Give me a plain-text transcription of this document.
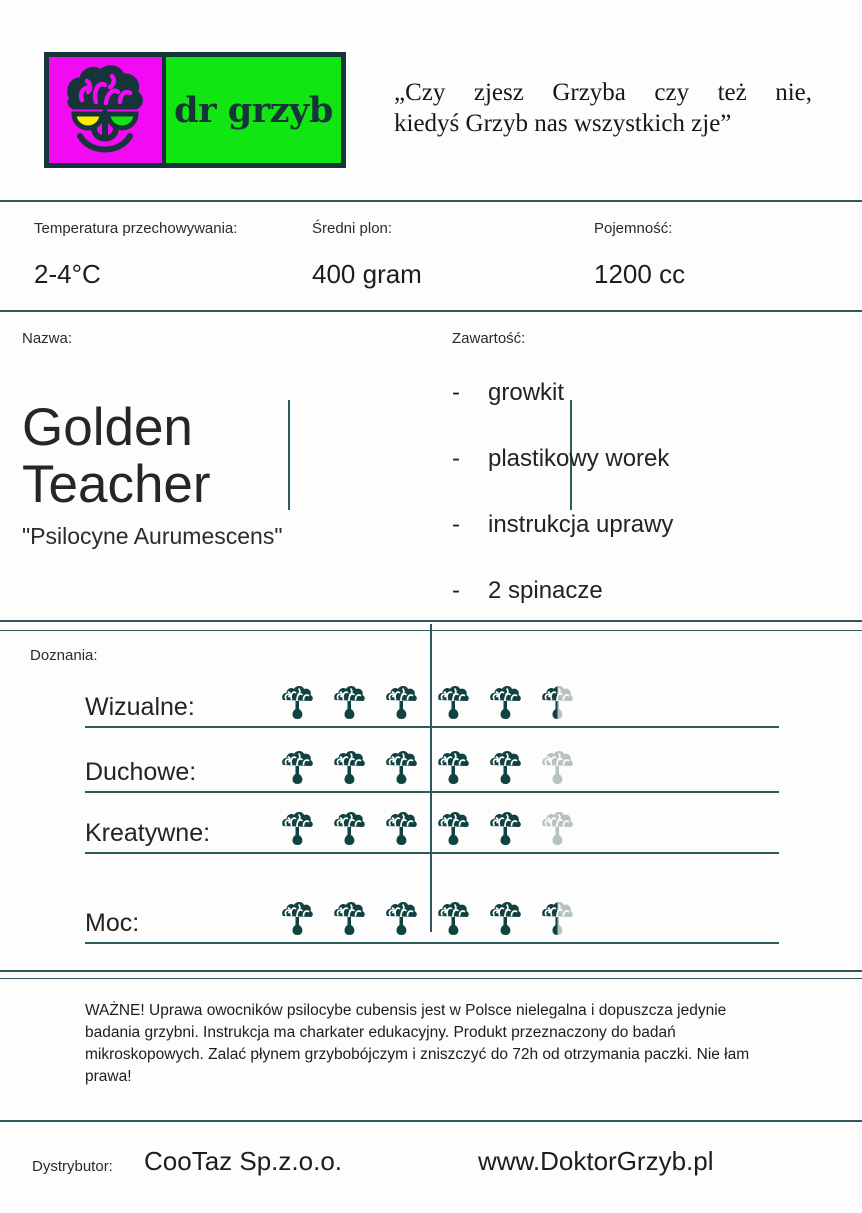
dr grzyb „Czy zjesz Grzyba czy też nie,
kiedyś Grzyb nas wszystkich zje”
Temperatura przechowywania:
2-4°C
Średni plon:
400 gram
Pojemność:
1200 cc
Nazwa:
Golden
Teacher
"Psilocyne Aurumescens"
Zawartość:
-	growkit
-	plastikowy worek
-	instrukcja uprawy
-	2 spinacze
Doznania:
Wizualne:
Duchowe:
Kreatywne:
Moc:
WAŻNE! Uprawa owocników psilocybe cubensis jest w Polsce nielegalna i dopuszcza jedynie badania grzybni. Instrukcja ma charkater edukacyjny. Produkt przeznaczony do badań mikroskopowych. Zalać płynem grzybobójczym i zniszczyć do 72h od otrzymania paczki. Nie łam prawa!
Dystrybutor: CooTaz Sp.z.o.o.	www.DoktorGrzyb.pl
